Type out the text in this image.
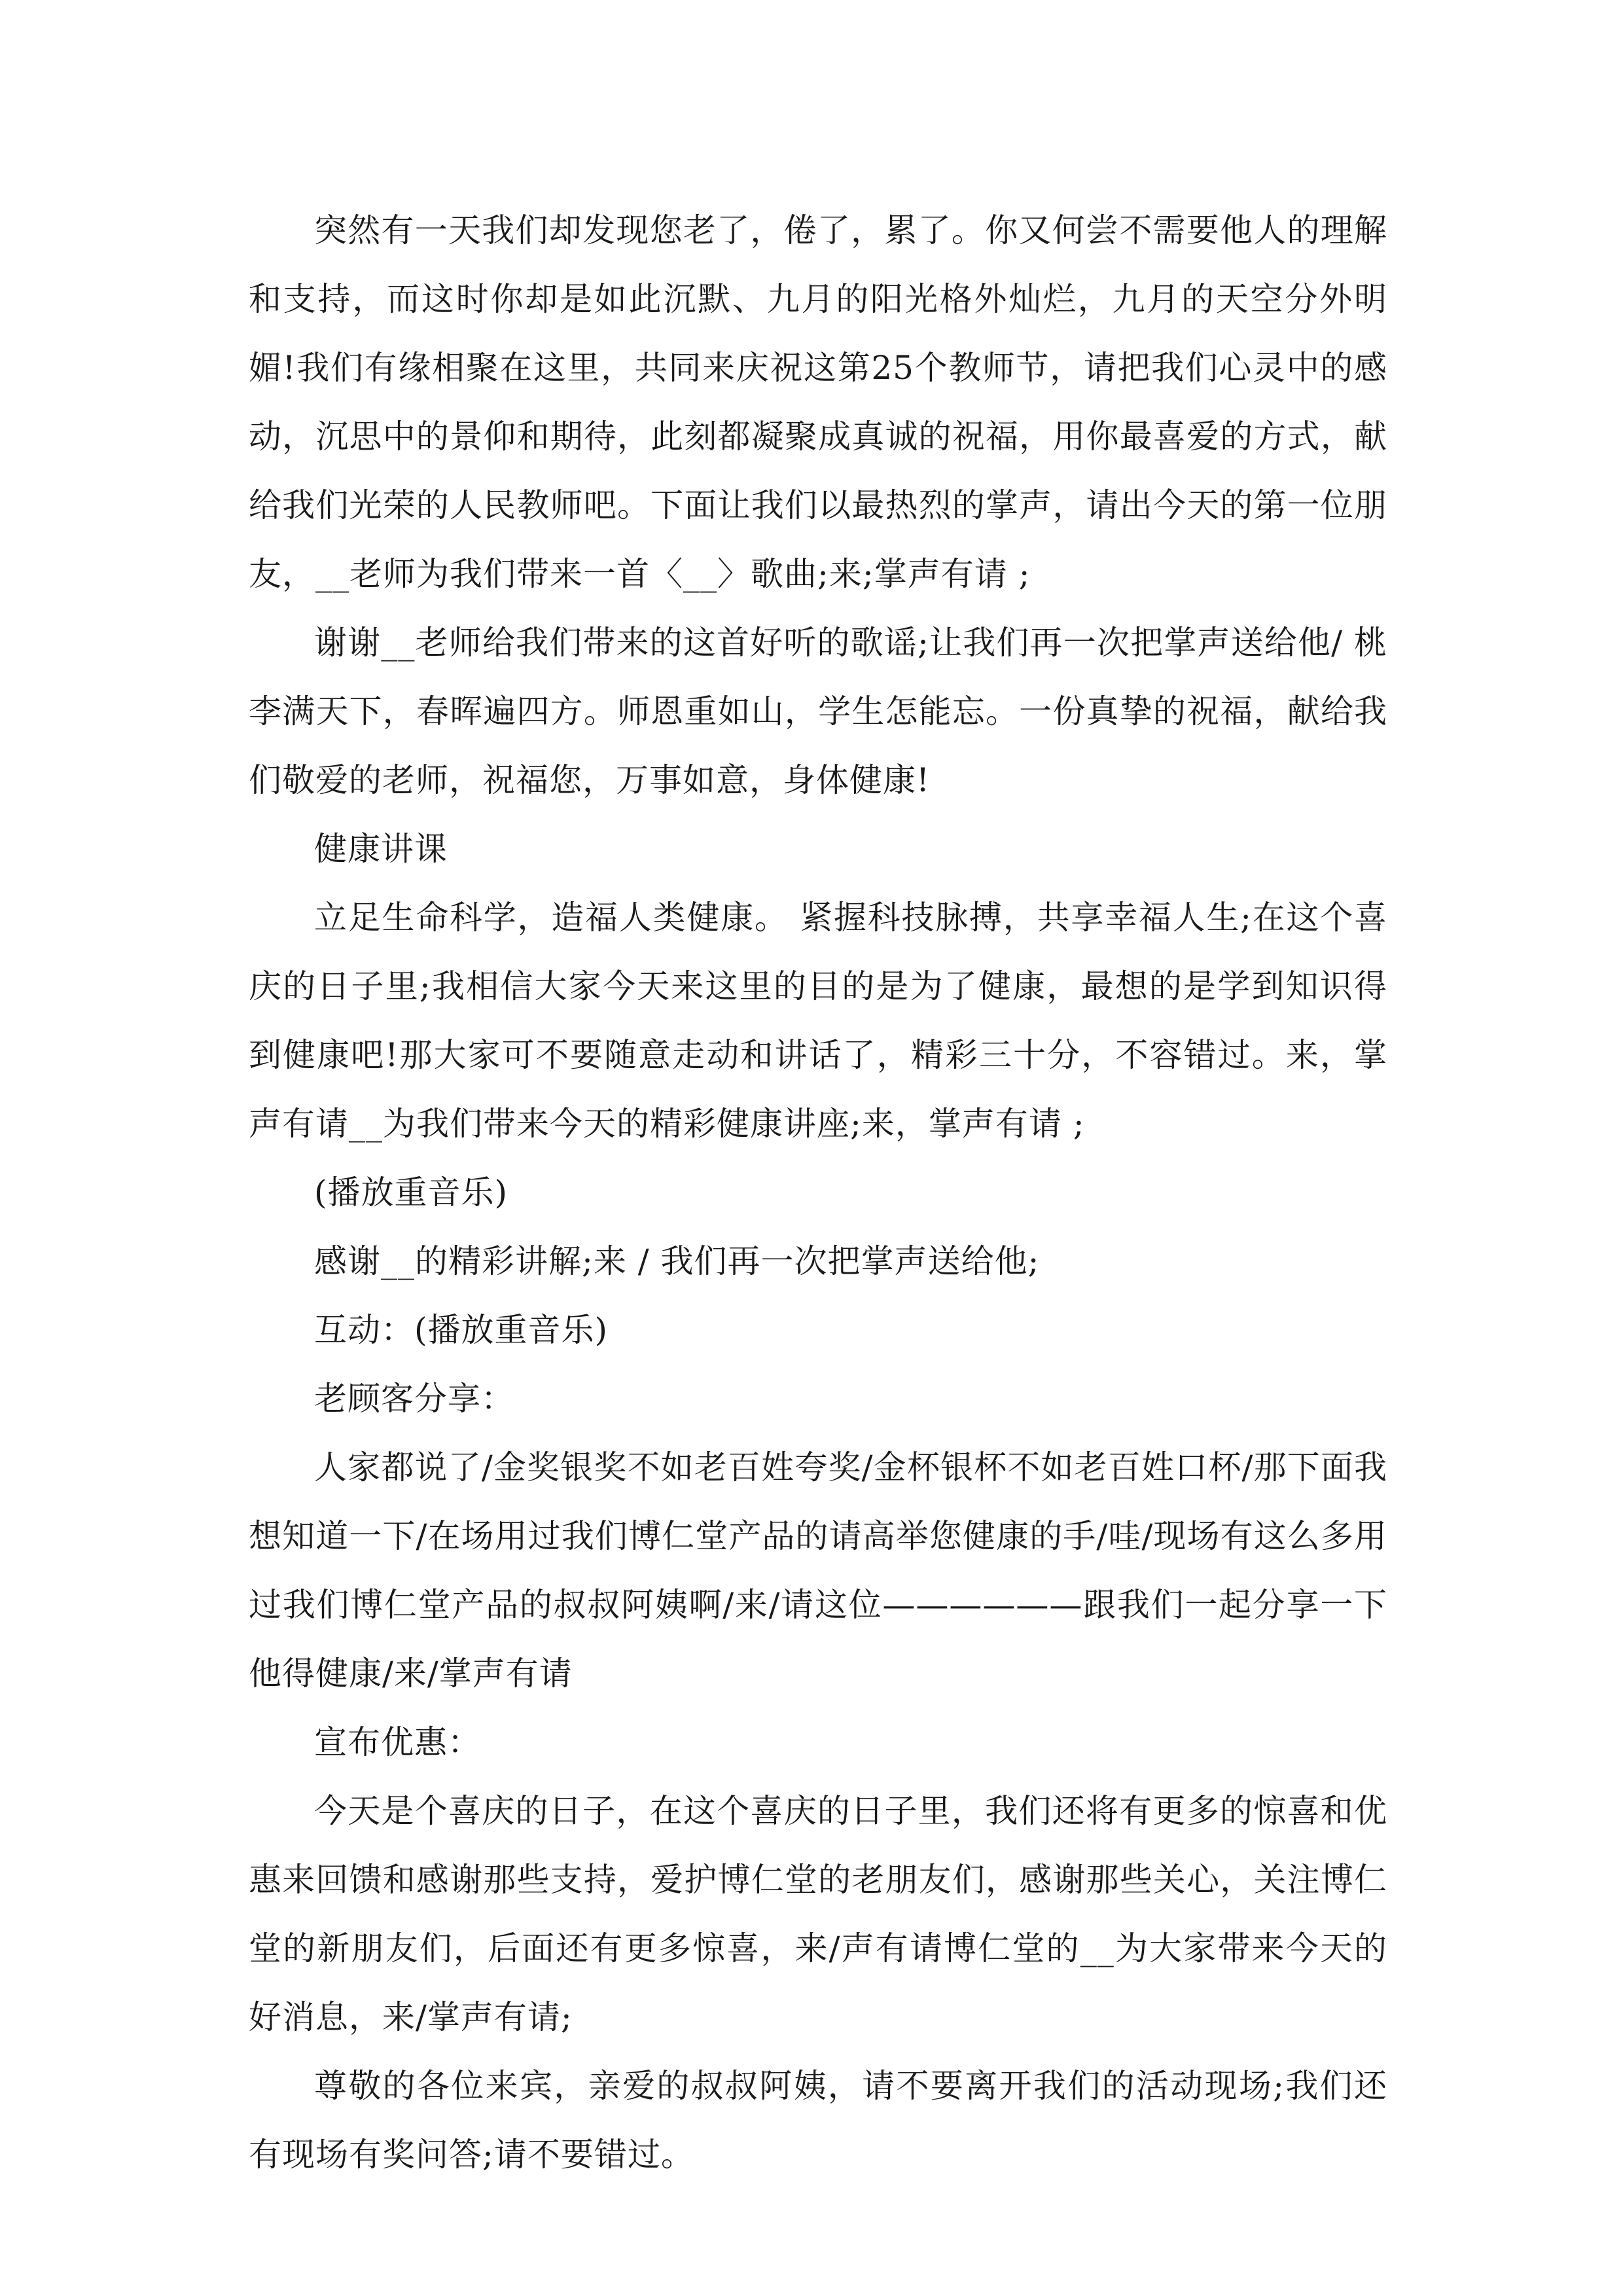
突然有一天我们却发现您老了，倦了，累了。你又何尝不需要他人的理解和支持，而这时你却是如此沉默、九月的阳光格外灿烂，九月的天空分外明媚!我们有缘相聚在这里，共同来庆祝这第25个教师节，请把我们心灵中的感动，沉思中的景仰和期待，此刻都凝聚成真诚的祝福，用你最喜爱的方式，献给我们光荣的人民教师吧。下面让我们以最热烈的掌声，请出今天的第一位朋友，__老师为我们带来一首〈__〉歌曲;来;掌声有请 ;

谢谢__老师给我们带来的这首好听的歌谣;让我们再一次把掌声送给他/ 桃李满天下，春晖遍四方。师恩重如山，学生怎能忘。一份真挚的祝福，献给我们敬爱的老师，祝福您，万事如意，身体健康!

健康讲课

立足生命科学，造福人类健康。 紧握科技脉搏，共享幸福人生;在这个喜庆的日子里;我相信大家今天来这里的目的是为了健康，最想的是学到知识得到健康吧!那大家可不要随意走动和讲话了，精彩三十分，不容错过。来，掌声有请__为我们带来今天的精彩健康讲座;来，掌声有请 ;

(播放重音乐)

感谢__的精彩讲解;来 / 我们再一次把掌声送给他;

互动：(播放重音乐)

老顾客分享：

人家都说了/金奖银奖不如老百姓夸奖/金杯银杯不如老百姓口杯/那下面我想知道一下/在场用过我们博仁堂产品的请高举您健康的手/哇/现场有这么多用过我们博仁堂产品的叔叔阿姨啊/来/请这位——————跟我们一起分享一下他得健康/来/掌声有请

宣布优惠：

今天是个喜庆的日子，在这个喜庆的日子里，我们还将有更多的惊喜和优惠来回馈和感谢那些支持，爱护博仁堂的老朋友们，感谢那些关心，关注博仁堂的新朋友们，后面还有更多惊喜，来/声有请博仁堂的__为大家带来今天的好消息，来/掌声有请;

尊敬的各位来宾，亲爱的叔叔阿姨，请不要离开我们的活动现场;我们还有现场有奖问答;请不要错过。
